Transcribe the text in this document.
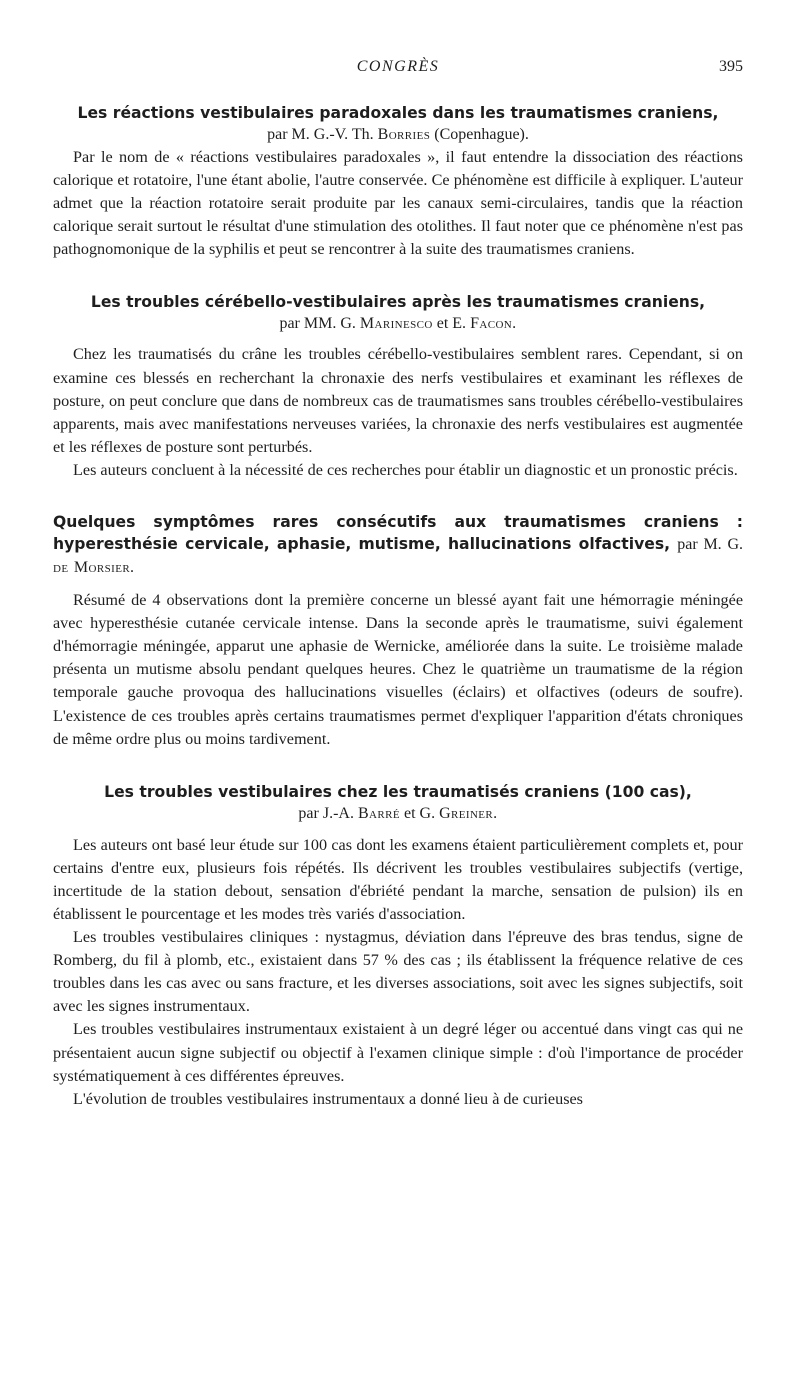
CONGRÈS	395

Les réactions vestibulaires paradoxales dans les traumatismes craniens,

par M. G.-V. Th. Borries (Copenhague).

Par le nom de « réactions vestibulaires paradoxales », il faut entendre la dissociation des réactions calorique et rotatoire, l'une étant abolie, l'autre conservée. Ce phénomène est difficile à expliquer. L'auteur admet que la réaction rotatoire serait produite par les canaux semi-circulaires, tandis que la réaction calorique serait surtout le résultat d'une stimulation des otolithes. Il faut noter que ce phénomène n'est pas pathognomonique de la syphilis et peut se rencontrer à la suite des traumatismes craniens.

Les troubles cérébello-vestibulaires après les traumatismes craniens,

par MM. G. Marinesco et E. Facon.

Chez les traumatisés du crâne les troubles cérébello-vestibulaires semblent rares. Cependant, si on examine ces blessés en recherchant la chronaxie des nerfs vestibulaires et examinant les réflexes de posture, on peut conclure que dans de nombreux cas de traumatismes sans troubles cérébello-vestibulaires apparents, mais avec manifestations nerveuses variées, la chronaxie des nerfs vestibulaires est augmentée et les réflexes de posture sont perturbés.

Les auteurs concluent à la nécessité de ces recherches pour établir un diagnostic et un pronostic précis.

Quelques symptômes rares consécutifs aux traumatismes craniens : hyperesthésie cervicale, aphasie, mutisme, hallucinations olfactives, par M. G. de Morsier.

Résumé de 4 observations dont la première concerne un blessé ayant fait une hémorragie méningée avec hyperesthésie cutanée cervicale intense. Dans la seconde après le traumatisme, suivi également d'hémorragie méningée, apparut une aphasie de Wernicke, améliorée dans la suite. Le troisième malade présenta un mutisme absolu pendant quelques heures. Chez le quatrième un traumatisme de la région temporale gauche provoqua des hallucinations visuelles (éclairs) et olfactives (odeurs de soufre). L'existence de ces troubles après certains traumatismes permet d'expliquer l'apparition d'états chroniques de même ordre plus ou moins tardivement.

Les troubles vestibulaires chez les traumatisés craniens (100 cas),

par J.-A. Barré et G. Greiner.

Les auteurs ont basé leur étude sur 100 cas dont les examens étaient particulièrement complets et, pour certains d'entre eux, plusieurs fois répétés. Ils décrivent les troubles vestibulaires subjectifs (vertige, incertitude de la station debout, sensation d'ébriété pendant la marche, sensation de pulsion) ils en établissent le pourcentage et les modes très variés d'association.

Les troubles vestibulaires cliniques : nystagmus, déviation dans l'épreuve des bras tendus, signe de Romberg, du fil à plomb, etc., existaient dans 57 % des cas ; ils établissent la fréquence relative de ces troubles dans les cas avec ou sans fracture, et les diverses associations, soit avec les signes subjectifs, soit avec les signes instrumentaux.

Les troubles vestibulaires instrumentaux existaient à un degré léger ou accentué dans vingt cas qui ne présentaient aucun signe subjectif ou objectif à l'examen clinique simple : d'où l'importance de procéder systématiquement à ces différentes épreuves.

L'évolution de troubles vestibulaires instrumentaux a donné lieu à de curieuses
